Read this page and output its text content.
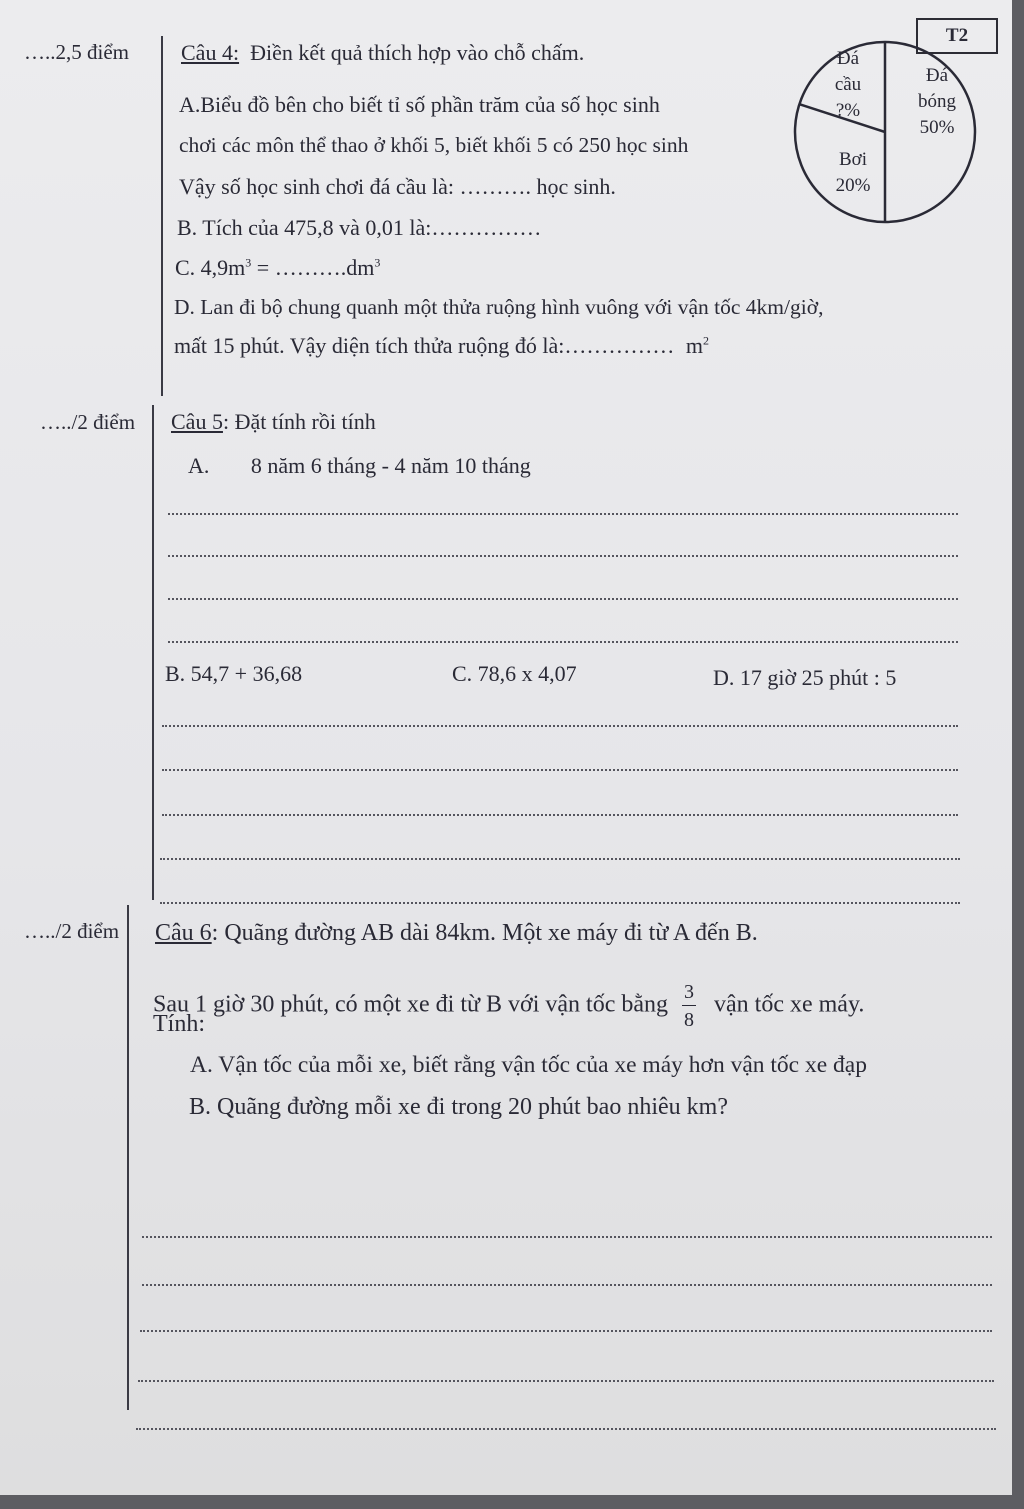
T2
…..2,5 điểm Câu 4: Điền kết quả thích hợp vào chỗ chấm.
A.Biểu đồ bên cho biết tỉ số phần trăm của số học sinh
chơi các môn thể thao ở khối 5, biết khối 5 có 250 học sinh
Vậy số học sinh chơi đá cầu là: ………. học sinh.
B. Tích của 475,8 và 0,01 là:……………
C. $4,9m^3$ = $\dots\dots\dots.dm^3$
D. Lan đi bộ chung quanh một thửa ruộng hình vuông với vận tốc 4km/giờ,
mất 15 phút. Vậy diện tích thửa ruộng đó là:…………… $m^2$
Đá
bóng
50%
Đá
cầu
?%
Bơi
20%
…../2 điểm Câu 5: Đặt tính rồi tính
A. 8 năm 6 tháng - 4 năm 10 tháng
B. 54,7 + 36,68	C. 78,6 x 4,07	D. 17 giờ 25 phút : 5
…../2 điểm Câu 6: Quãng đường AB dài 84km. Một xe máy đi từ A đến B.
Sau 1 giờ 30 phút, có một xe đi từ B với vận tốc bằng $\frac{3}{8}$ vận tốc xe máy.
Tính:
A. Vận tốc của mỗi xe, biết rằng vận tốc của xe máy hơn vận tốc xe đạp
B. Quãng đường mỗi xe đi trong 20 phút bao nhiêu km?
